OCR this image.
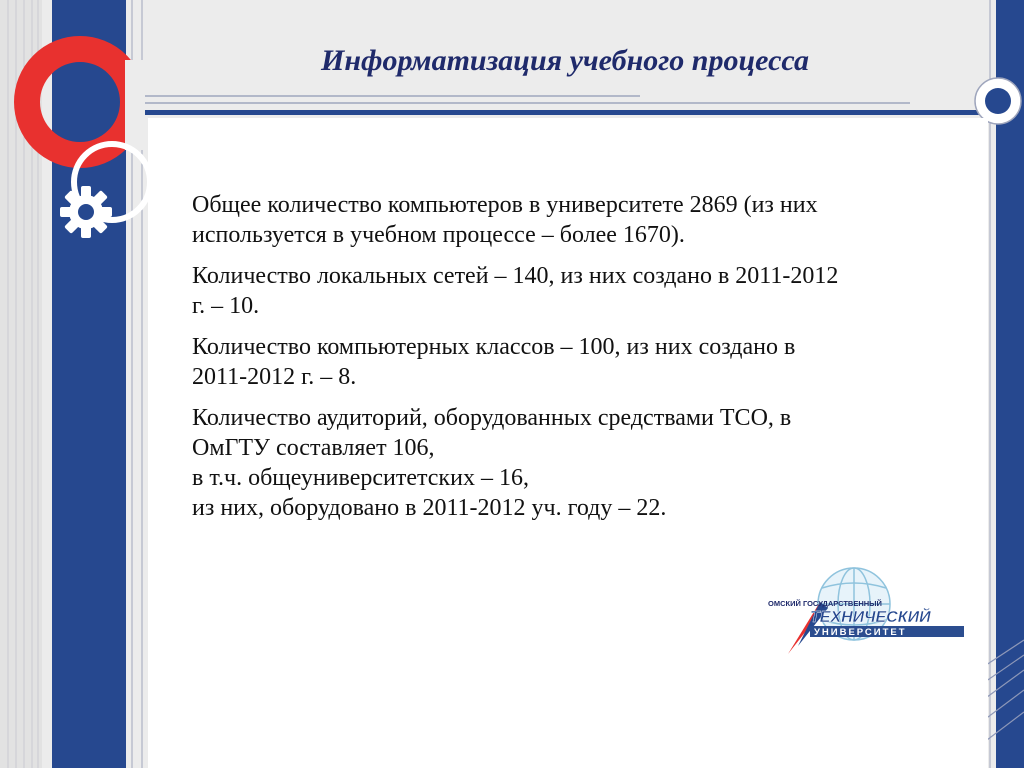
Информатизация учебного процесса

Общее количество компьютеров в университете 2869 (из них
используется в учебном процессе – более 1670).

Количество локальных сетей – 140, из них создано в 2011-2012
г. – 10.

Количество компьютерных классов – 100, из них создано в
2011-2012 г. – 8.

Количество аудиторий, оборудованных средствами ТСО, в
ОмГТУ составляет 106,
в т.ч. общеуниверситетских – 16,
из них, оборудовано в 2011-2012 уч. году – 22.

ОМСКИЙ ГОСУДАРСТВЕННЫЙ
ТЕХНИЧЕСКИЙ
УНИВЕРСИТЕТ
